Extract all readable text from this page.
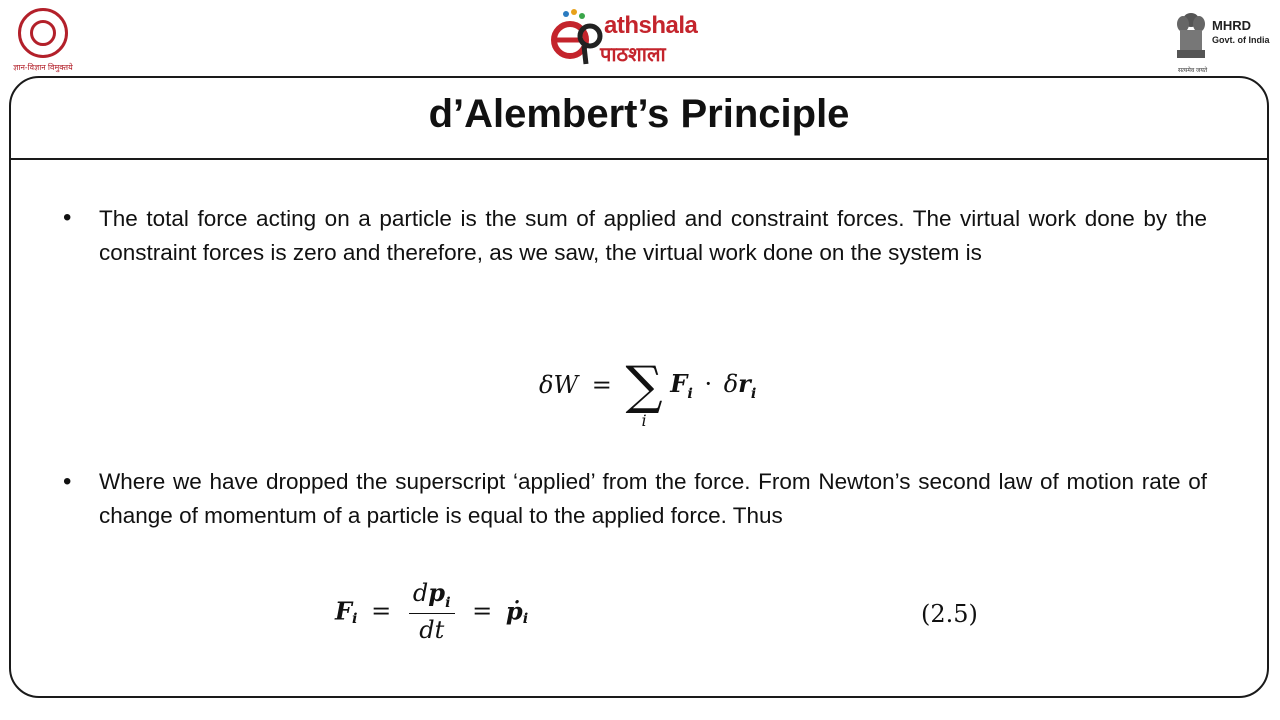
ज्ञान-विज्ञान विमुक्तये
athshala
पाठशाला
MHRD
Govt. of India
सत्यमेव जयते
d’Alembert’s Principle
• The total force acting on a particle is the sum of applied and constraint forces. The virtual work done by the constraint forces is zero and therefore, as we saw, the virtual work done on the system is
δW = ∑
i
$F_i \cdot \delta r_i$
• Where we have dropped the superscript ‘applied’ from the force. From Newton’s second law of motion rate of change of momentum of a particle is equal to the applied force. Thus
$F_i = \frac{dp_i}{dt}$ = ṗ$_i$	(2.5)
